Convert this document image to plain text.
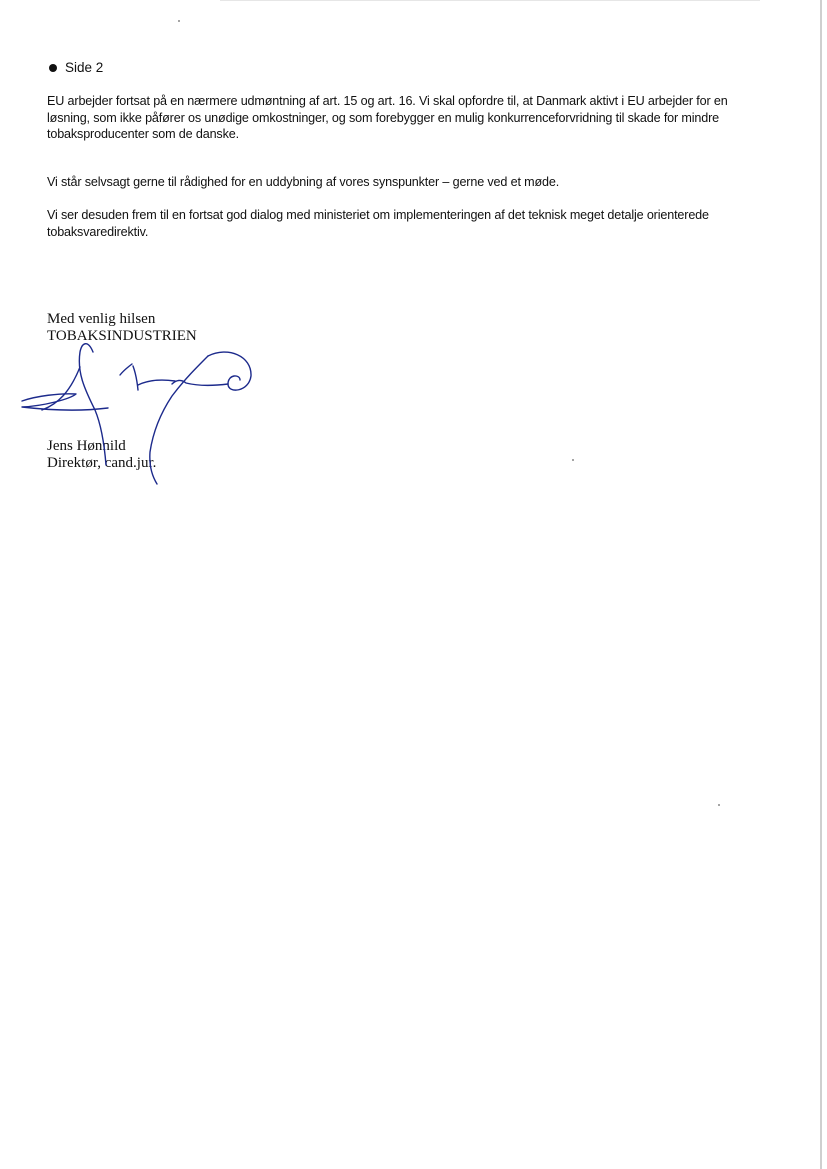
Side 2

EU arbejder fortsat på en nærmere udmøntning af art. 15 og art. 16. Vi skal opfordre til, at Danmark aktivt i EU arbejder for en løsning, som ikke påfører os unødige omkostninger, og som forebygger en mulig konkurrenceforvridning til skade for mindre tobaksproducenter som de danske.

Vi står selvsagt gerne til rådighed for en uddybning af vores synspunkter – gerne ved et møde.

Vi ser desuden frem til en fortsat god dialog med ministeriet om implementeringen af det teknisk meget detalje orienterede tobaksvaredirektiv.

Med venlig hilsen
TOBAKSINDUSTRIEN
Jens Hønnild
Direktør, cand.jur.
